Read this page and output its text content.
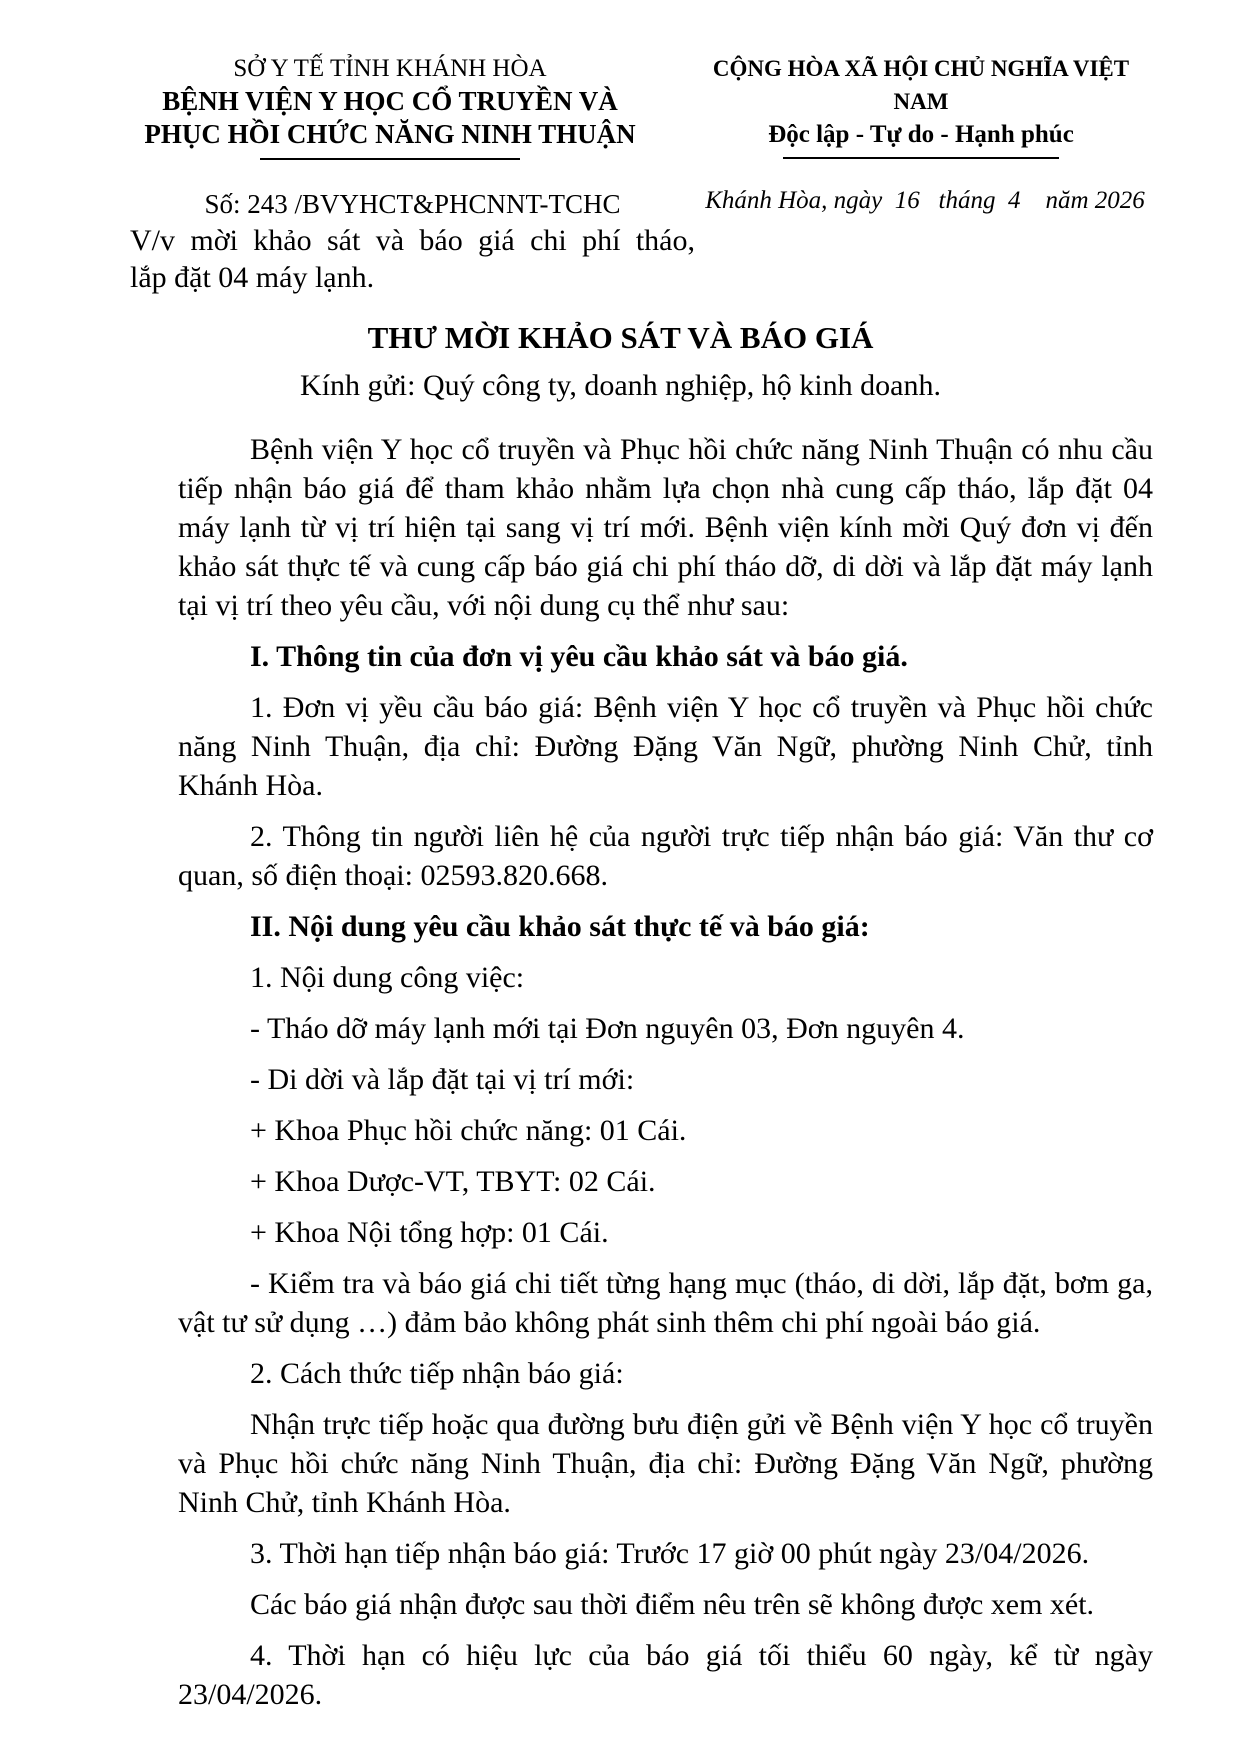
SỞ Y TẾ TỈNH KHÁNH HÒA
BỆNH VIỆN Y HỌC CỔ TRUYỀN VÀ
PHỤC HỒI CHỨC NĂNG NINH THUẬN
CỘNG HÒA XÃ HỘI CHỦ NGHĨA VIỆT NAM
Độc lập - Tự do - Hạnh phúc
Số: 243 /BVYHCT&PHCNNT-TCHC
V/v mời khảo sát và báo giá chi phí tháo,
lắp đặt 04 máy lạnh.
Khánh Hòa, ngày  16   tháng  4    năm 2026
THƯ MỜI KHẢO SÁT VÀ BÁO GIÁ
Kính gửi: Quý công ty, doanh nghiệp, hộ kinh doanh.

Bệnh viện Y học cổ truyền và Phục hồi chức năng Ninh Thuận có nhu cầu tiếp nhận báo giá để tham khảo nhằm lựa chọn nhà cung cấp tháo, lắp đặt 04 máy lạnh từ vị trí hiện tại sang vị trí mới. Bệnh viện kính mời Quý đơn vị đến khảo sát thực tế và cung cấp báo giá chi phí tháo dỡ, di dời và lắp đặt máy lạnh tại vị trí theo yêu cầu, với nội dung cụ thể như sau:

I. Thông tin của đơn vị yêu cầu khảo sát và báo giá.

1. Đơn vị yều cầu báo giá: Bệnh viện Y học cổ truyền và Phục hồi chức năng Ninh Thuận, địa chỉ: Đường Đặng Văn Ngữ, phường Ninh Chử, tỉnh Khánh Hòa.

2. Thông tin người liên hệ của người trực tiếp nhận báo giá: Văn thư cơ quan, số điện thoại: 02593.820.668.

II. Nội dung yêu cầu khảo sát thực tế và báo giá:

1. Nội dung công việc:

- Tháo dỡ máy lạnh mới tại Đơn nguyên 03, Đơn nguyên 4.

- Di dời và lắp đặt tại vị trí mới:

+ Khoa Phục hồi chức năng: 01 Cái.

+ Khoa Dược-VT, TBYT: 02 Cái.

+ Khoa Nội tổng hợp: 01 Cái.

- Kiểm tra và báo giá chi tiết từng hạng mục (tháo, di dời, lắp đặt, bơm ga, vật tư sử dụng …) đảm bảo không phát sinh thêm chi phí ngoài báo giá.

2. Cách thức tiếp nhận báo giá:

Nhận trực tiếp hoặc qua đường bưu điện gửi về Bệnh viện Y học cổ truyền và Phục hồi chức năng Ninh Thuận, địa chỉ: Đường Đặng Văn Ngữ, phường Ninh Chử, tỉnh Khánh Hòa.

3. Thời hạn tiếp nhận báo giá: Trước 17 giờ 00 phút ngày 23/04/2026.

Các báo giá nhận được sau thời điểm nêu trên sẽ không được xem xét.

4. Thời hạn có hiệu lực của báo giá tối thiểu 60 ngày, kể từ ngày 23/04/2026.
